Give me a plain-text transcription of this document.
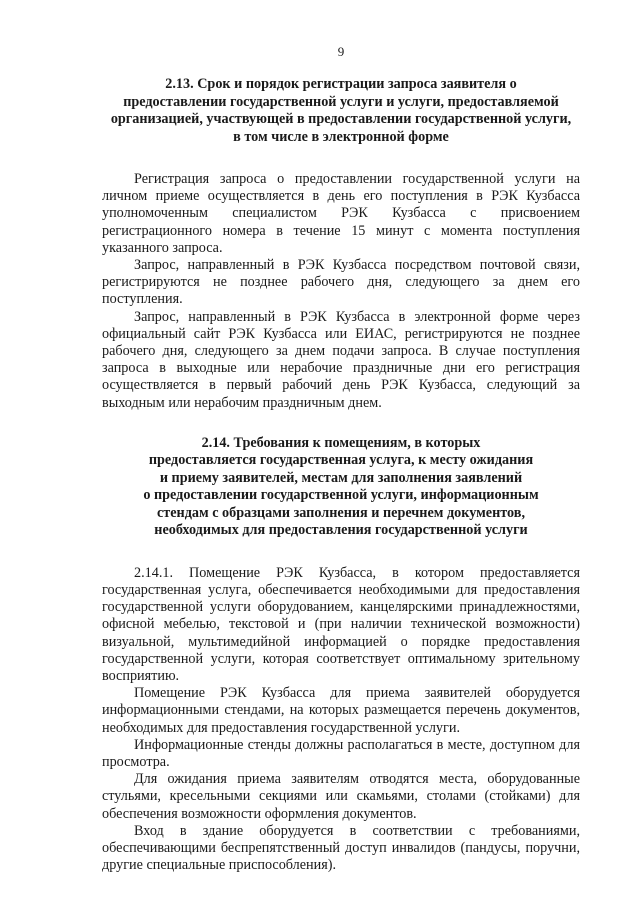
9
2.13. Срок и порядок регистрации запроса заявителя о
предоставлении государственной услуги и услуги, предоставляемой
организацией, участвующей в предоставлении государственной услуги,
в том числе в электронной форме

Регистрация запроса о предоставлении государственной услуги на личном приеме осуществляется в день его поступления в РЭК Кузбасса уполномоченным специалистом РЭК Кузбасса с присвоением регистрационного номера в течение 15 минут с момента поступления указанного запроса.

Запрос, направленный в РЭК Кузбасса посредством почтовой связи, регистрируются не позднее рабочего дня, следующего за днем его поступления.

Запрос, направленный в РЭК Кузбасса в электронной форме через официальный сайт РЭК Кузбасса или ЕИАС, регистрируются не позднее рабочего дня, следующего за днем подачи запроса. В случае поступления запроса в выходные или нерабочие праздничные дни его регистрация осуществляется в первый рабочий день РЭК Кузбасса, следующий за выходным или нерабочим праздничным днем.

2.14. Требования к помещениям, в которых
предоставляется государственная услуга, к месту ожидания
и приему заявителей, местам для заполнения заявлений
о предоставлении государственной услуги, информационным
стендам с образцами заполнения и перечнем документов,
необходимых для предоставления государственной услуги

2.14.1. Помещение РЭК Кузбасса, в котором предоставляется государственная услуга, обеспечивается необходимыми для предоставления государственной услуги оборудованием, канцелярскими принадлежностями, офисной мебелью, текстовой и (при наличии технической возможности) визуальной, мультимедийной информацией о порядке предоставления государственной услуги, которая соответствует оптимальному зрительному восприятию.

Помещение РЭК Кузбасса для приема заявителей оборудуется информационными стендами, на которых размещается перечень документов, необходимых для предоставления государственной услуги.

Информационные стенды должны располагаться в месте, доступном для просмотра.

Для ожидания приема заявителям отводятся места, оборудованные стульями, кресельными секциями или скамьями, столами (стойками) для обеспечения возможности оформления документов.

Вход в здание оборудуется в соответствии с требованиями, обеспечивающими беспрепятственный доступ инвалидов (пандусы, поручни, другие специальные приспособления).
